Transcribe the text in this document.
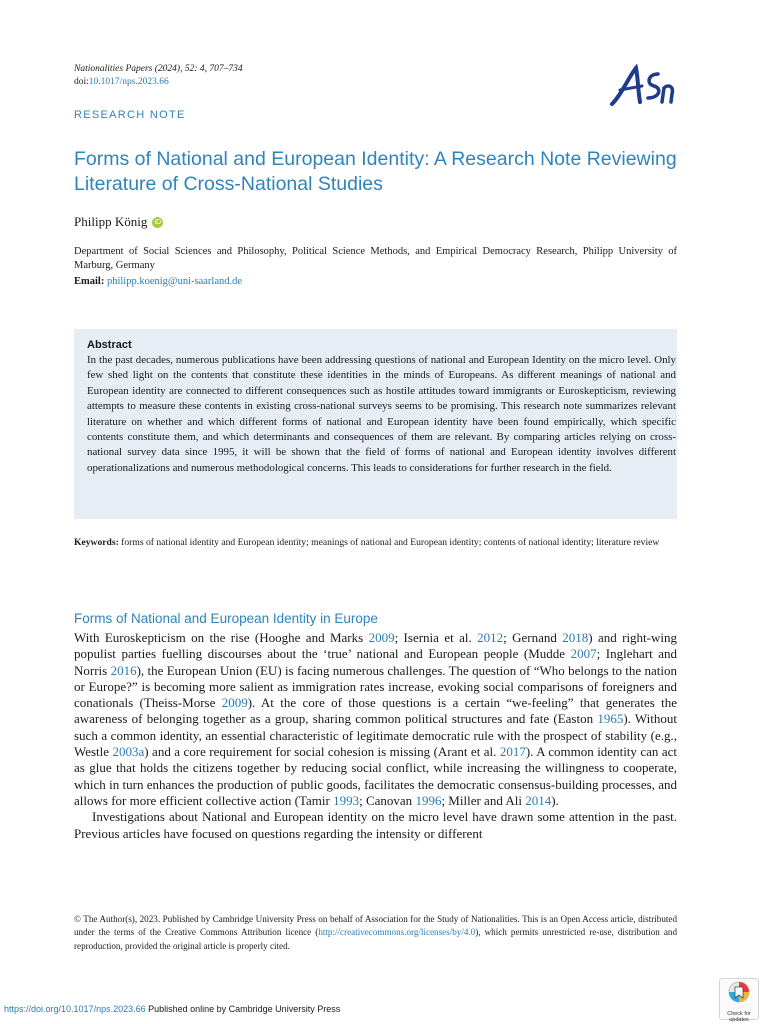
Nationalities Papers (2024), 52: 4, 707–734
doi:10.1017/nps.2023.66
RESEARCH NOTE
Forms of National and European Identity: A Research Note Reviewing Literature of Cross-National Studies
Philipp König	iD
Department of Social Sciences and Philosophy, Political Science Methods, and Empirical Democracy Research, Philipp University of Marburg, Germany
Email: philipp.koenig@uni-saarland.de
Abstract

In the past decades, numerous publications have been addressing questions of national and European Identity on the micro level. Only few shed light on the contents that constitute these identities in the minds of Europeans. As different meanings of national and European identity are connected to different consequences such as hostile attitudes toward immigrants or Euroskepticism, reviewing attempts to measure these contents in existing cross-national surveys seems to be promising. This research note summarizes relevant literature on whether and which different forms of national and European identity have been found empirically, which specific contents constitute them, and which determinants and consequences of them are relevant. By comparing articles relying on cross-national survey data since 1995, it will be shown that the field of forms of national and European identity involves different operationalizations and numerous methodological concerns. This leads to considerations for further research in the field.

Keywords: forms of national identity and European identity; meanings of national and European identity; contents of national identity; literature review
Forms of National and European Identity in Europe

With Euroskepticism on the rise (Hooghe and Marks 2009; Isernia et al. 2012; Gernand 2018) and right-wing populist parties fuelling discourses about the ‘true’ national and European people (Mudde 2007; Inglehart and Norris 2016), the European Union (EU) is facing numerous challenges. The question of “Who belongs to the nation or Europe?” is becoming more salient as immigration rates increase, evoking social comparisons of foreigners and conationals (Theiss-Morse 2009). At the core of those questions is a certain “we-feeling” that generates the awareness of belonging together as a group, sharing common political structures and fate (Easton 1965). Without such a common identity, an essential characteristic of legitimate democratic rule with the prospect of stability (e.g., Westle 2003a) and a core requirement for social cohesion is missing (Arant et al. 2017). A common identity can act as glue that holds the citizens together by reducing social conflict, while increasing the willingness to cooperate, which in turn enhances the production of public goods, facilitates the democratic consensus-building processes, and allows for more efficient collective action (Tamir 1993; Canovan 1996; Miller and Ali 2014).

Investigations about National and European identity on the micro level have drawn some attention in the past. Previous articles have focused on questions regarding the intensity or different

© The Author(s), 2023. Published by Cambridge University Press on behalf of Association for the Study of Nationalities. This is an Open Access article, distributed under the terms of the Creative Commons Attribution licence (http://creativecommons.org/licenses/by/4.0), which permits unrestricted re-use, distribution and reproduction, provided the original article is properly cited.
https://doi.org/10.1017/nps.2023.66 Published online by Cambridge University Press	Check for updates
